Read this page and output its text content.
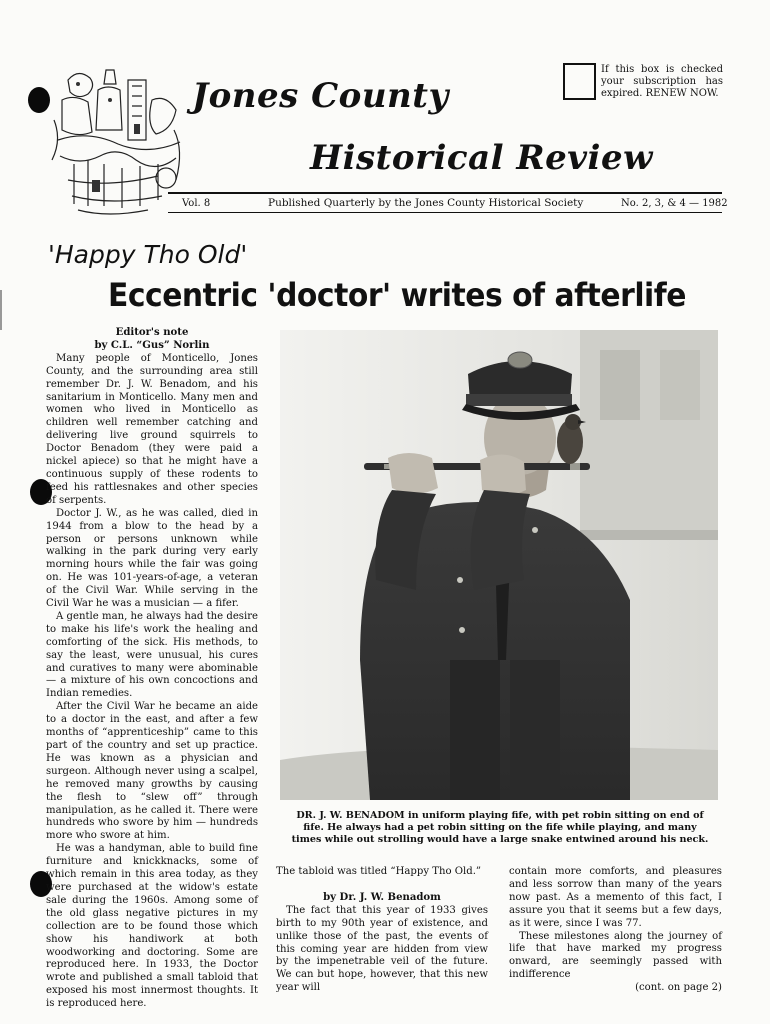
Jones County
Historical Review
If this box is checked your subscription has expired. RENEW NOW.
Vol. 8	Published Quarterly by the Jones County Historical Society	No. 2, 3, & 4 — 1982
'Happy Tho Old'
Eccentric 'doctor' writes of afterlife
Editor's note
by C.L. “Gus” Norlin

Many people of Monticello, Jones County, and the surrounding area still remember Dr. J. W. Benadom, and his sanitarium in Monticello. Many men and women who lived in Monticello as children well remember catching and delivering live ground squirrels to Doctor Benadom (they were paid a nickel apiece) so that he might have a continuous supply of these rodents to feed his rattlesnakes and other species of serpents.

Doctor J. W., as he was called, died in 1944 from a blow to the head by a person or persons unknown while walking in the park during very early morning hours while the fair was going on. He was 101-years-of-age, a veteran of the Civil War. While serving in the Civil War he was a musician — a fifer.

A gentle man, he always had the desire to make his life's work the healing and comforting of the sick. His methods, to say the least, were unusual, his cures and curatives to many were abominable — a mixture of his own concoctions and Indian remedies.

After the Civil War he became an aide to a doctor in the east, and after a few months of “apprenticeship” came to this part of the country and set up practice. He was known as a physician and surgeon. Although never using a scalpel, he removed many growths by causing the flesh to “slew off” through manipulation, as he called it. There were hundreds who swore by him — hundreds more who swore at him.

He was a handyman, able to build fine furniture and knickknacks, some of which remain in this area today, as they were purchased at the widow's estate sale during the 1960s. Among some of the old glass negative pictures in my collection are to be found those which show his handiwork at both woodworking and doctoring. Some are reproduced here. In 1933, the Doctor wrote and published a small tabloid that exposed his most innermost thoughts. It is reproduced here.

DR. J. W. BENADOM in uniform playing fife, with pet robin sitting on end of fife. He always had a pet robin sitting on the fife while playing, and many times while out strolling would have a large snake entwined around his neck.

The tabloid was titled “Happy Tho Old.”

by Dr. J. W. Benadom

The fact that this year of 1933 gives birth to my 90th year of existence, and unlike those of the past, the events of this coming year are hidden from view by the impenetrable veil of the future. We can but hope, however, that this new year will

contain more comforts, and pleasures and less sorrow than many of the years now past. As a memento of this fact, I assure you that it seems but a few days, as it were, since I was 77.

These milestones along the journey of life that have marked my progress onward, are seemingly passed with indifference

(cont. on page 2)
